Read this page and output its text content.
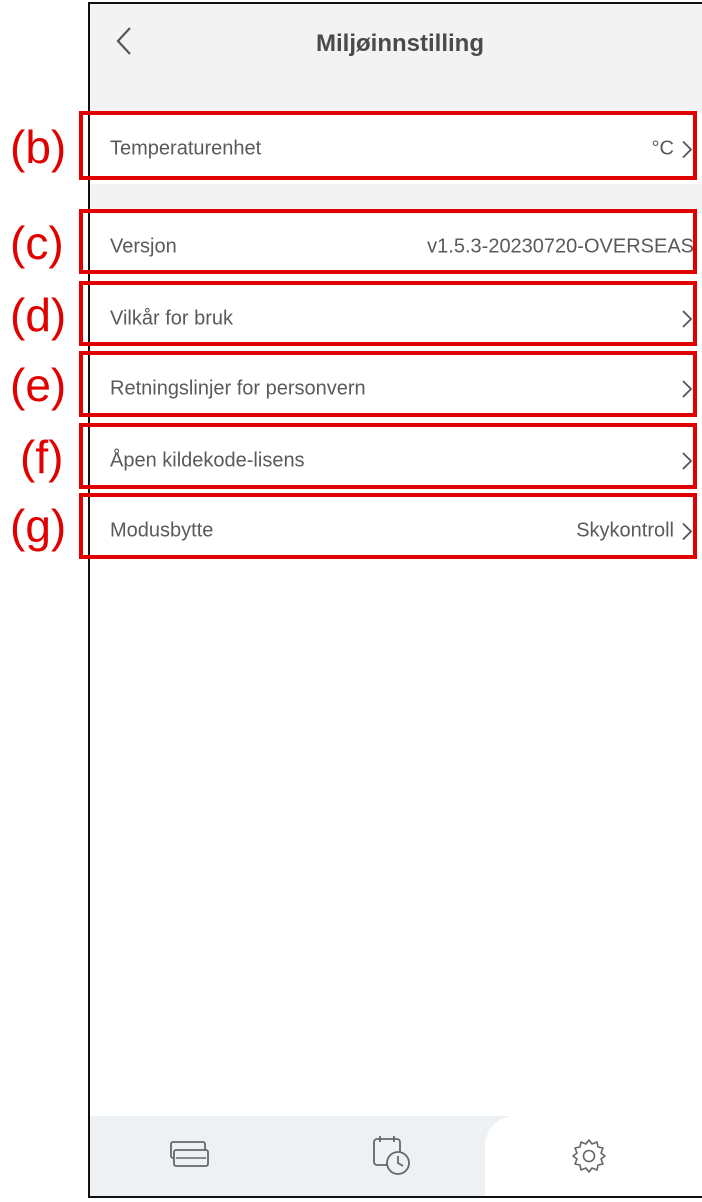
Miljøinnstilling
Temperaturenhet	°C
Versjon	v1.5.3-20230720-OVERSEAS
Vilkår for bruk
Retningslinjer for personvern
Åpen kildekode-lisens
Modusbytte	Skykontroll
(b)
(c)
(d)
(e)
(f)
(g)
